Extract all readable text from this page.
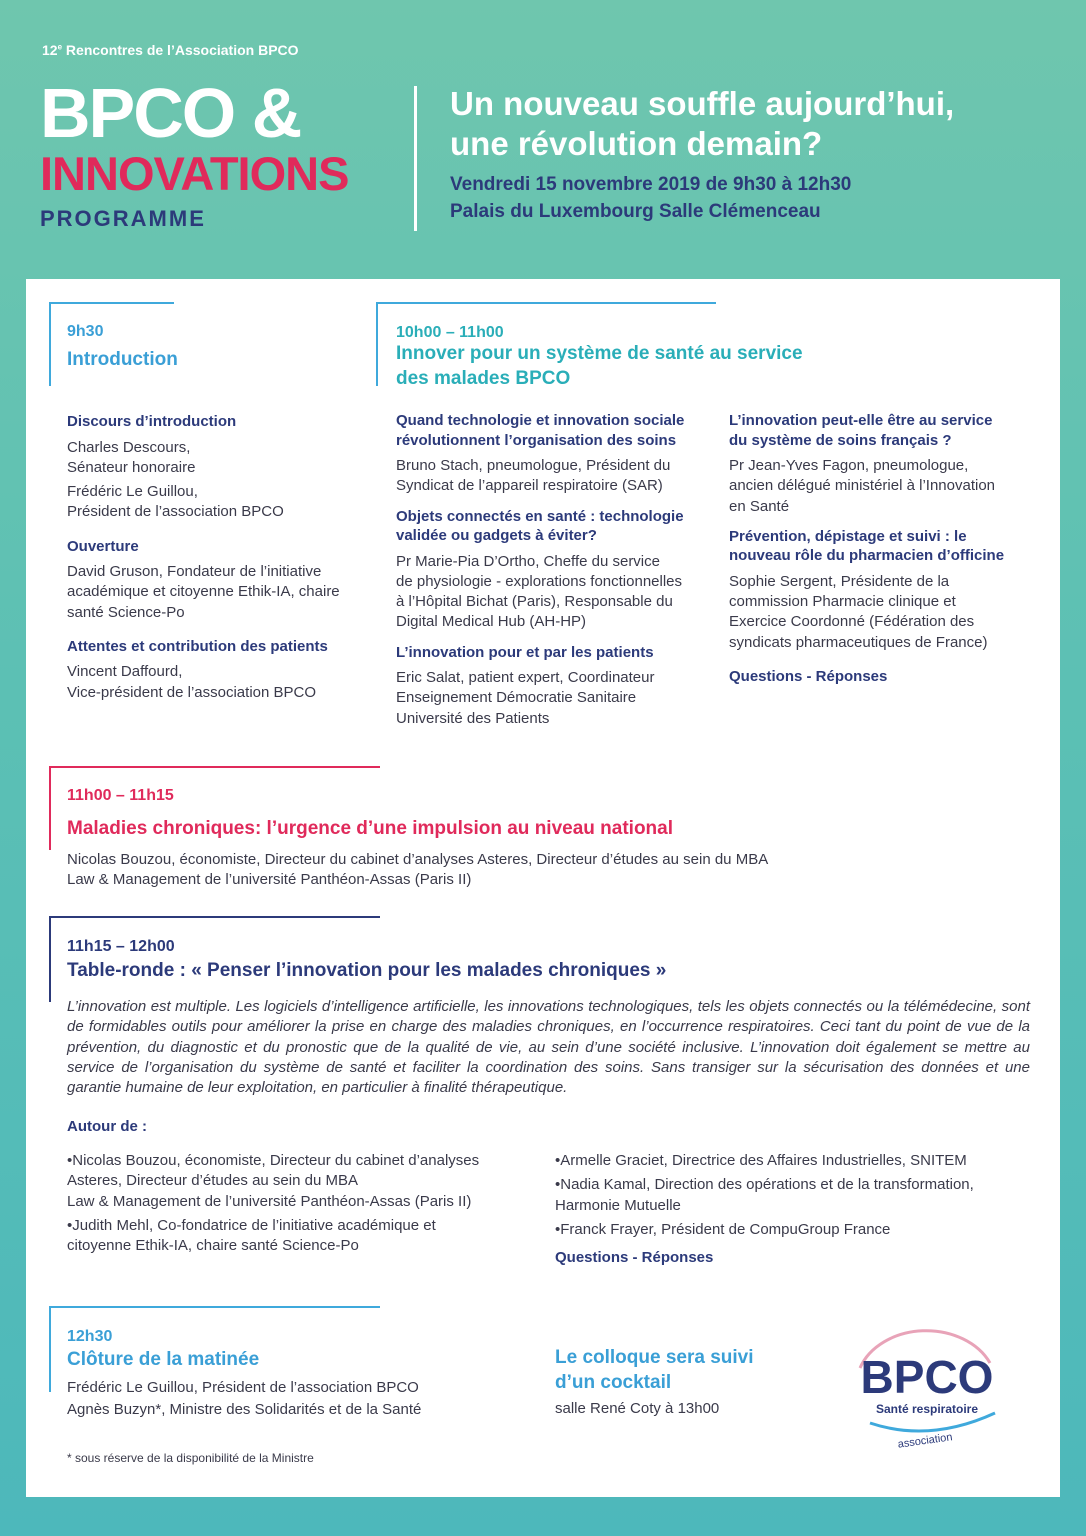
12e Rencontres de l’Association BPCO
BPCO &
INNOVATIONS
PROGRAMME
Un nouveau souffle aujourd’hui,
une révolution demain?
Vendredi 15 novembre 2019 de 9h30 à 12h30
Palais du Luxembourg Salle Clémenceau
9h30
Introduction
Discours d’introduction
Charles Descours,
Sénateur honoraire
Frédéric Le Guillou,
Président de l’association BPCO
Ouverture
David Gruson, Fondateur de l’initiative
académique et citoyenne Ethik-IA, chaire
santé Science-Po
Attentes et contribution des patients
Vincent Daffourd,
Vice-président de l’association BPCO
10h00 – 11h00
Innover pour un système de santé au service
des malades BPCO
Quand technologie et innovation sociale
révolutionnent l’organisation des soins
Bruno Stach, pneumologue, Président du
Syndicat de l’appareil respiratoire (SAR)
Objets connectés en santé : technologie
validée ou gadgets à éviter?
Pr Marie-Pia D’Ortho, Cheffe du service
de physiologie - explorations fonctionnelles
à l’Hôpital Bichat (Paris), Responsable du
Digital Medical Hub (AH-HP)
L’innovation pour et par les patients
Eric Salat, patient expert, Coordinateur
Enseignement Démocratie Sanitaire
Université des Patients
L’innovation peut-elle être au service
du système de soins français ?
Pr Jean-Yves Fagon, pneumologue,
ancien délégué ministériel à l’Innovation
en Santé
Prévention, dépistage et suivi : le
nouveau rôle du pharmacien d’officine
Sophie Sergent, Présidente de la
commission Pharmacie clinique et
Exercice Coordonné (Fédération des
syndicats pharmaceutiques de France)
Questions - Réponses
11h00 – 11h15
Maladies chroniques: l’urgence d’une impulsion au niveau national
Nicolas Bouzou, économiste, Directeur du cabinet d’analyses Asteres, Directeur d’études au sein du MBA
Law & Management de l’université Panthéon-Assas (Paris II)
11h15 – 12h00
Table-ronde : « Penser l’innovation pour les malades chroniques »
L’innovation est multiple. Les logiciels d’intelligence artificielle, les innovations technologiques, tels les objets connectés ou la télémédecine, sont de formidables outils pour améliorer la prise en charge des maladies chroniques, en l’occurrence respiratoires. Ceci tant du point de vue de la prévention, du diagnostic et du pronostic que de la qualité de vie, au sein d’une société inclusive. L’innovation doit également se mettre au service de l’organisation du système de santé et faciliter la coordination des soins. Sans transiger sur la sécurisation des données et une garantie humaine de leur exploitation, en particulier à finalité thérapeutique.
Autour de :
•Nicolas Bouzou, économiste, Directeur du cabinet d’analyses
Asteres, Directeur d’études au sein du MBA
Law & Management de l’université Panthéon-Assas (Paris II)
•Judith Mehl, Co-fondatrice de l’initiative académique et
citoyenne Ethik-IA, chaire santé Science-Po
•Armelle Graciet, Directrice des Affaires Industrielles, SNITEM
•Nadia Kamal, Direction des opérations et de la transformation,
Harmonie Mutuelle
•Franck Frayer, Président de CompuGroup France
Questions - Réponses
12h30
Clôture de la matinée
Frédéric Le Guillou, Président de l’association BPCO
Agnès Buzyn*, Ministre des Solidarités et de la Santé
* sous réserve de la disponibilité de la Ministre
Le colloque sera suivi
d’un cocktail
salle René Coty à 13h00
BPCO
Santé respiratoire
association
